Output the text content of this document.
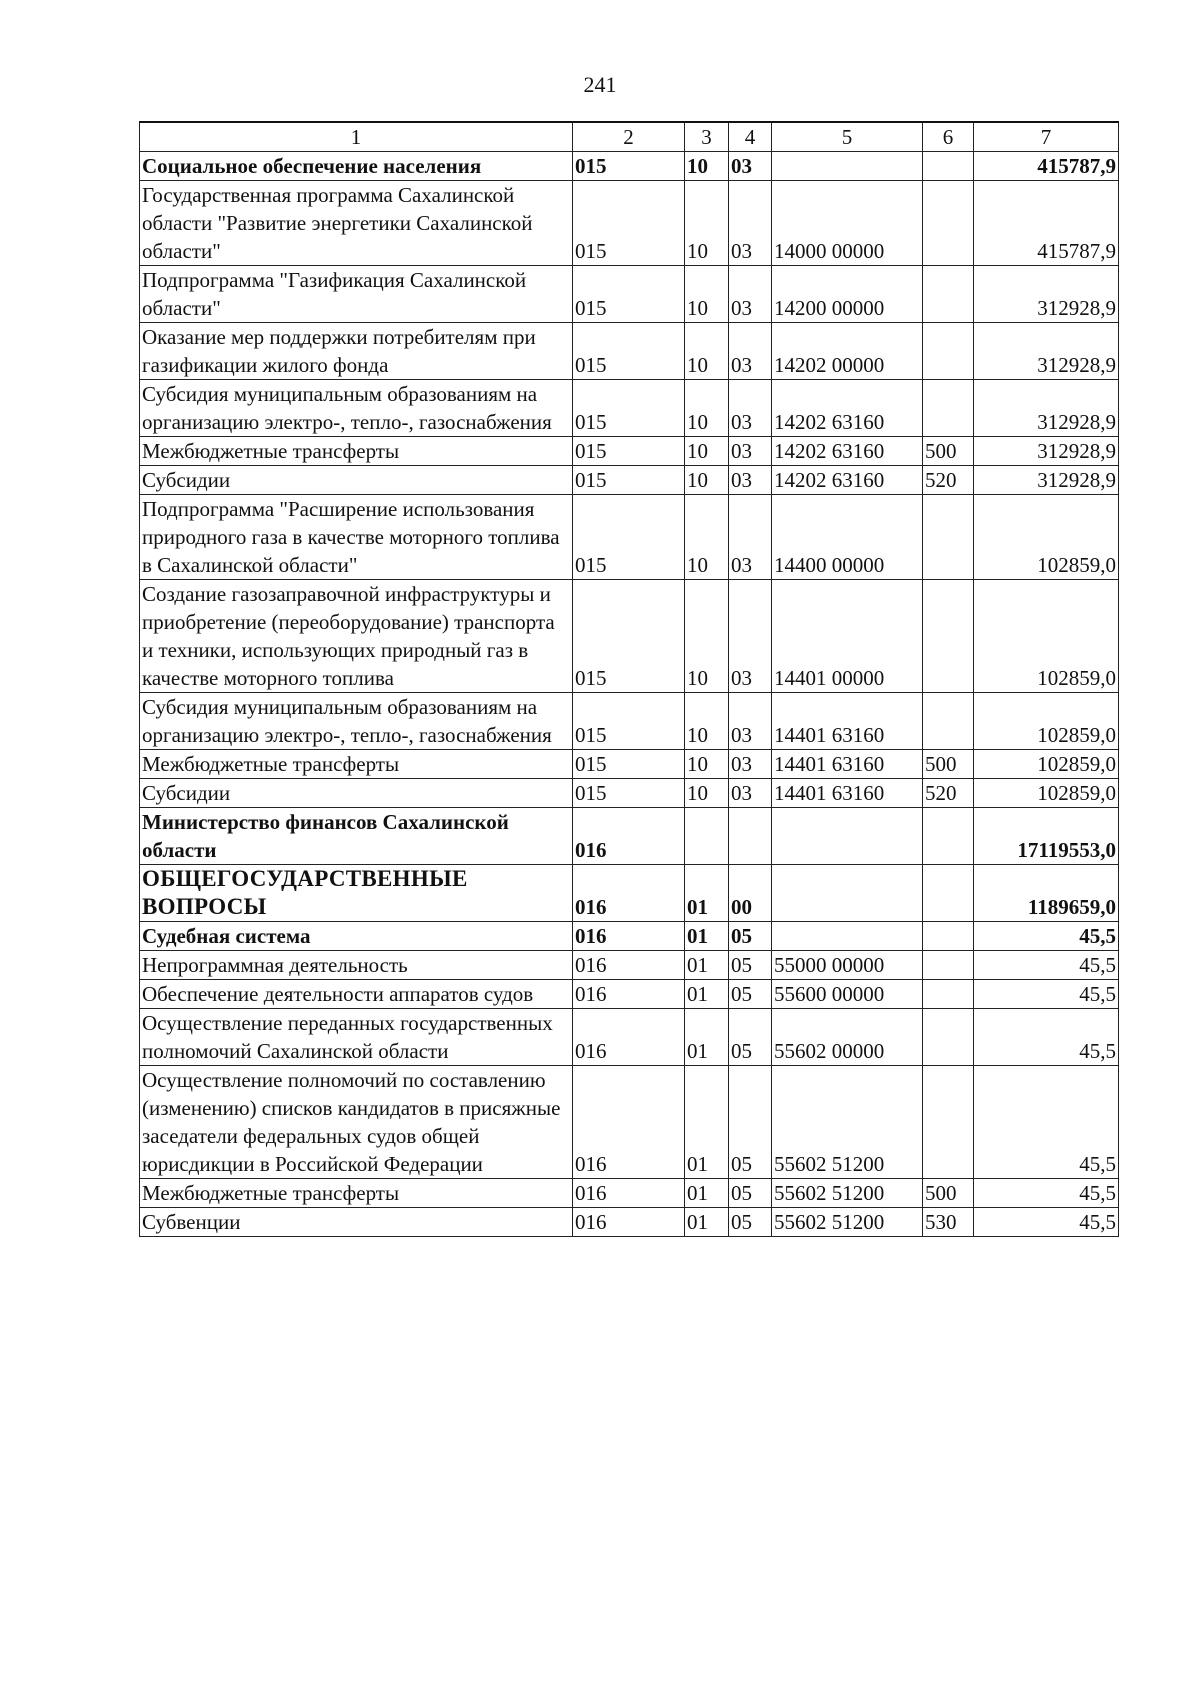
241
1	2	3	4	5	6	7
Социальное обеспечение населения	015	10	03			415787,9
Государственная программа Сахалинской области "Развитие энергетики Сахалинской области"	015	10	03	14000 00000		415787,9
Подпрограмма "Газификация Сахалинской области"	015	10	03	14200 00000		312928,9
Оказание мер поддержки потребителям при газификации жилого фонда	015	10	03	14202 00000		312928,9
Субсидия муниципальным образованиям на организацию электро-, тепло-, газоснабжения	015	10	03	14202 63160		312928,9
Межбюджетные трансферты	015	10	03	14202 63160	500	312928,9
Субсидии	015	10	03	14202 63160	520	312928,9
Подпрограмма "Расширение использования природного газа в качестве моторного топлива в Сахалинской области"	015	10	03	14400 00000		102859,0
Создание газозаправочной инфраструктуры и приобретение (переоборудование) транспорта и техники, использующих природный газ в качестве моторного топлива	015	10	03	14401 00000		102859,0
Субсидия муниципальным образованиям на организацию электро-, тепло-, газоснабжения	015	10	03	14401 63160		102859,0
Межбюджетные трансферты	015	10	03	14401 63160	500	102859,0
Субсидии	015	10	03	14401 63160	520	102859,0
Министерство финансов Сахалинской области	016					17119553,0
ОБЩЕГОСУДАРСТВЕННЫЕ ВОПРОСЫ	016	01	00			1189659,0
Судебная система	016	01	05			45,5
Непрограммная деятельность	016	01	05	55000 00000		45,5
Обеспечение деятельности аппаратов судов	016	01	05	55600 00000		45,5
Осуществление переданных государственных полномочий Сахалинской области	016	01	05	55602 00000		45,5
Осуществление полномочий по составлению (изменению) списков кандидатов в присяжные заседатели федеральных судов общей юрисдикции в Российской Федерации	016	01	05	55602 51200		45,5
Межбюджетные трансферты	016	01	05	55602 51200	500	45,5
Субвенции	016	01	05	55602 51200	530	45,5
